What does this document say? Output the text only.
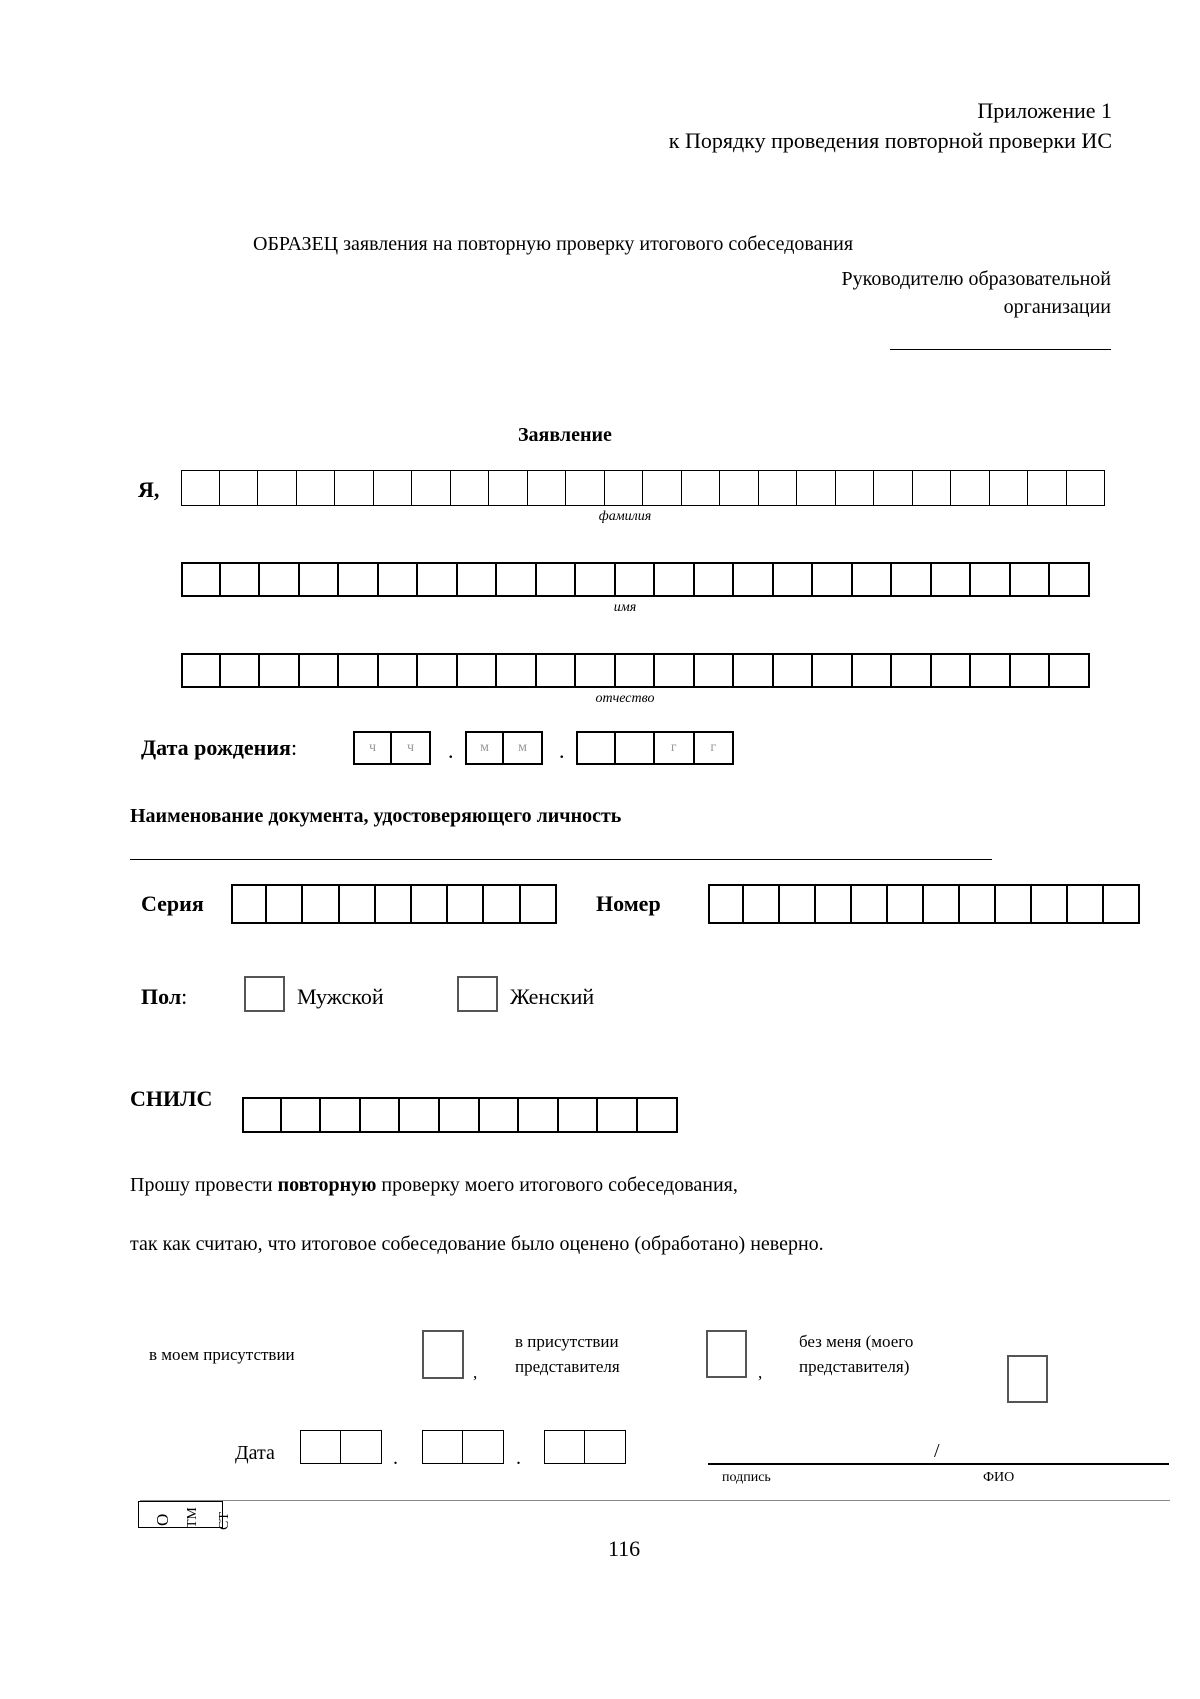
Приложение 1
к Порядку проведения повторной проверки ИС
ОБРАЗЕЦ заявления на повторную проверку итогового собеседования
Руководителю образовательной
организации
Заявление
Я,
фамилия
имя
отчество
Дата рождения:	ч	ч	.	м	м	.	г	г
Наименование документа, удостоверяющего личность
Серия	Номер
Пол:	Мужской	Женский
СНИЛС
Прошу провести повторную проверку моего итогового собеседования,
так как считаю, что итоговое собеседование было оценено (обработано) неверно.
в моем присутствии
,
в присутствии
представителя	,
без меня (моего
представителя)
Дата	.	.	/
подпись	ФИО
О ТМ СТ
116
